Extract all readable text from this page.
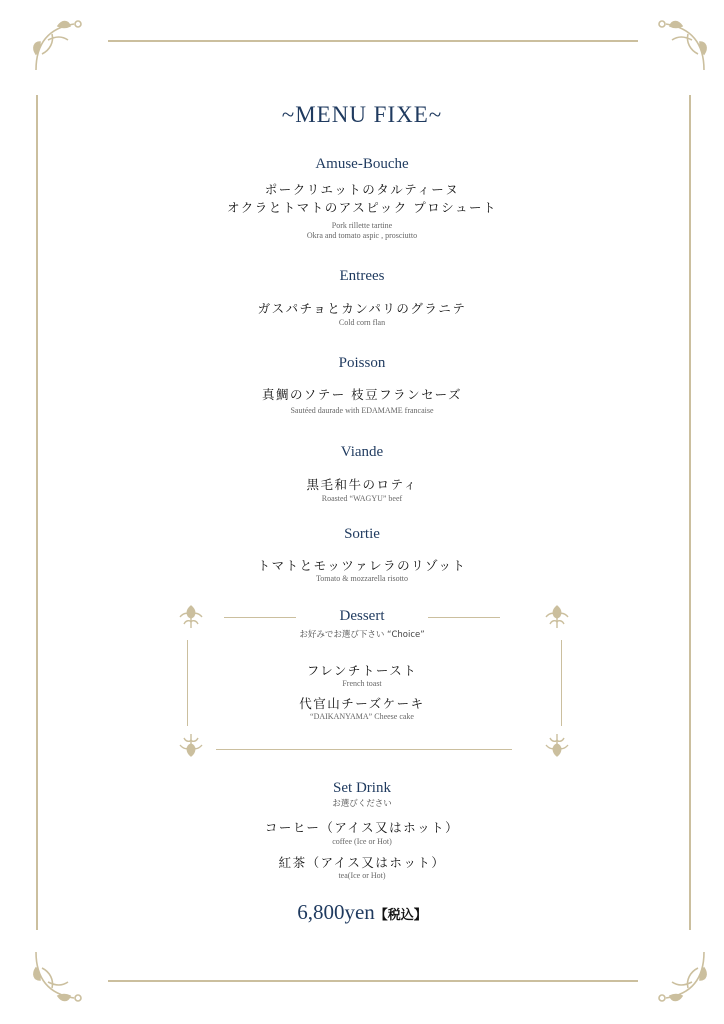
~MENU FIXE~
Amuse-Bouche
ポークリエットのタルティーヌ
オクラとトマトのアスピック プロシュート
Pork rillette tartine
Okra and tomato aspic , prosciutto
Entrees
ガスパチョとカンパリのグラニテ
Cold corn flan
Poisson
真鯛のソテー 枝豆フランセーズ
Sautéed daurade with EDAMAME francaise
Viande
黒毛和牛のロティ
Roasted “WAGYU” beef
Sortie
トマトとモッツァレラのリゾット
Tomato & mozzarella risotto
Dessert
お好みでお選び下さい “Choice”
フレンチトースト
French toast
代官山チーズケーキ
“DAIKANYAMA” Cheese cake
Set Drink
お選びください
コーヒー（アイス又はホット）
coffee (Ice or Hot)
紅茶（アイス又はホット）
tea(Ice or Hot)
6,800yen【税込】
